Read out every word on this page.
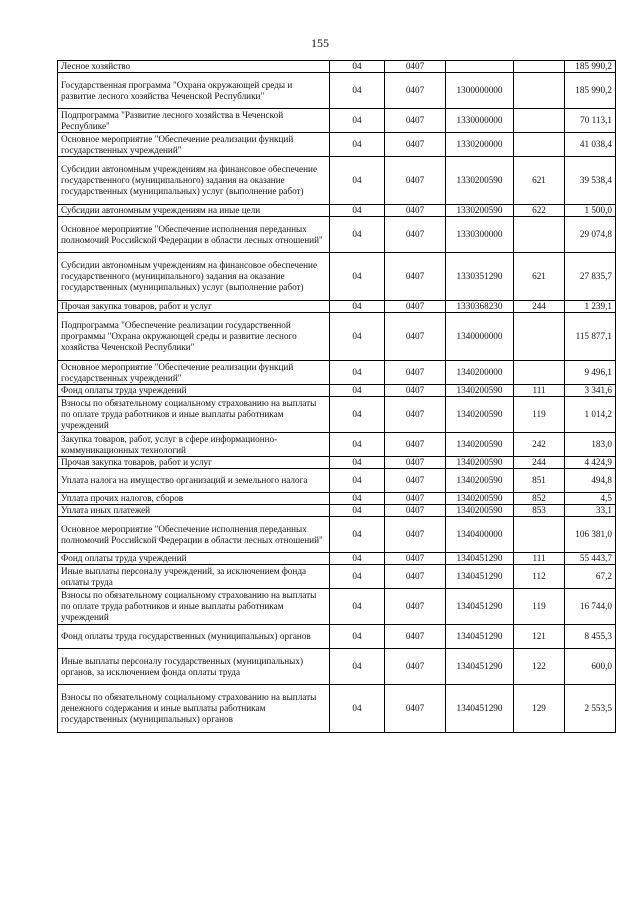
155
Лесное хозяйство	04	0407			185 990,2
Государственная программа "Охрана окружающей среды и развитие лесного хозяйства Чеченской Республики"	04	0407	1300000000		185 990,2
Подпрограмма "Развитие лесного хозяйства в Чеченской Республике"	04	0407	1330000000		70 113,1
Основное мероприятие "Обеспечение реализации функций государственных учреждений"	04	0407	1330200000		41 038,4
Субсидии автономным учреждениям на финансовое обеспечение государственного (муниципального) задания на оказание государственных (муниципальных) услуг (выполнение работ)	04	0407	1330200590	621	39 538,4
Субсидии автономным учреждениям на иные цели	04	0407	1330200590	622	1 500,0
Основное мероприятие "Обеспечение исполнения переданных полномочий Российской Федерации в области лесных отношений"	04	0407	1330300000		29 074,8
Субсидии автономным учреждениям на финансовое обеспечение государственного (муниципального) задания на оказание государственных (муниципальных) услуг (выполнение работ)	04	0407	1330351290	621	27 835,7
Прочая закупка товаров, работ и услуг	04	0407	1330368230	244	1 239,1
Подпрограмма "Обеспечение реализации государственной программы "Охрана окружающей среды и развитие лесного хозяйства Чеченской Республики"	04	0407	1340000000		115 877,1
Основное мероприятие "Обеспечение реализации функций государственных учреждений"	04	0407	1340200000		9 496,1
Фонд оплаты труда учреждений	04	0407	1340200590	111	3 341,6
Взносы по обязательному социальному страхованию на выплаты по оплате труда работников и иные выплаты работникам учреждений	04	0407	1340200590	119	1 014,2
Закупка товаров, работ, услуг в сфере информационно-коммуникационных технологий	04	0407	1340200590	242	183,0
Прочая закупка товаров, работ и услуг	04	0407	1340200590	244	4 424,9
Уплата налога на имущество организаций и земельного налога	04	0407	1340200590	851	494,8
Уплата прочих налогов, сборов	04	0407	1340200590	852	4,5
Уплата иных платежей	04	0407	1340200590	853	33,1
Основное мероприятие "Обеспечение исполнения переданных полномочий Российской Федерации в области лесных отношений"	04	0407	1340400000		106 381,0
Фонд оплаты труда учреждений	04	0407	1340451290	111	55 443,7
Иные выплаты персоналу учреждений, за исключением фонда оплаты труда	04	0407	1340451290	112	67,2
Взносы по обязательному социальному страхованию на выплаты по оплате труда работников и иные выплаты работникам учреждений	04	0407	1340451290	119	16 744,0
Фонд оплаты труда государственных (муниципальных) органов	04	0407	1340451290	121	8 455,3
Иные выплаты персоналу государственных (муниципальных) органов, за исключением фонда оплаты труда	04	0407	1340451290	122	600,0
Взносы по обязательному социальному страхованию на выплаты денежного содержания и иные выплаты работникам государственных (муниципальных) органов	04	0407	1340451290	129	2 553,5
